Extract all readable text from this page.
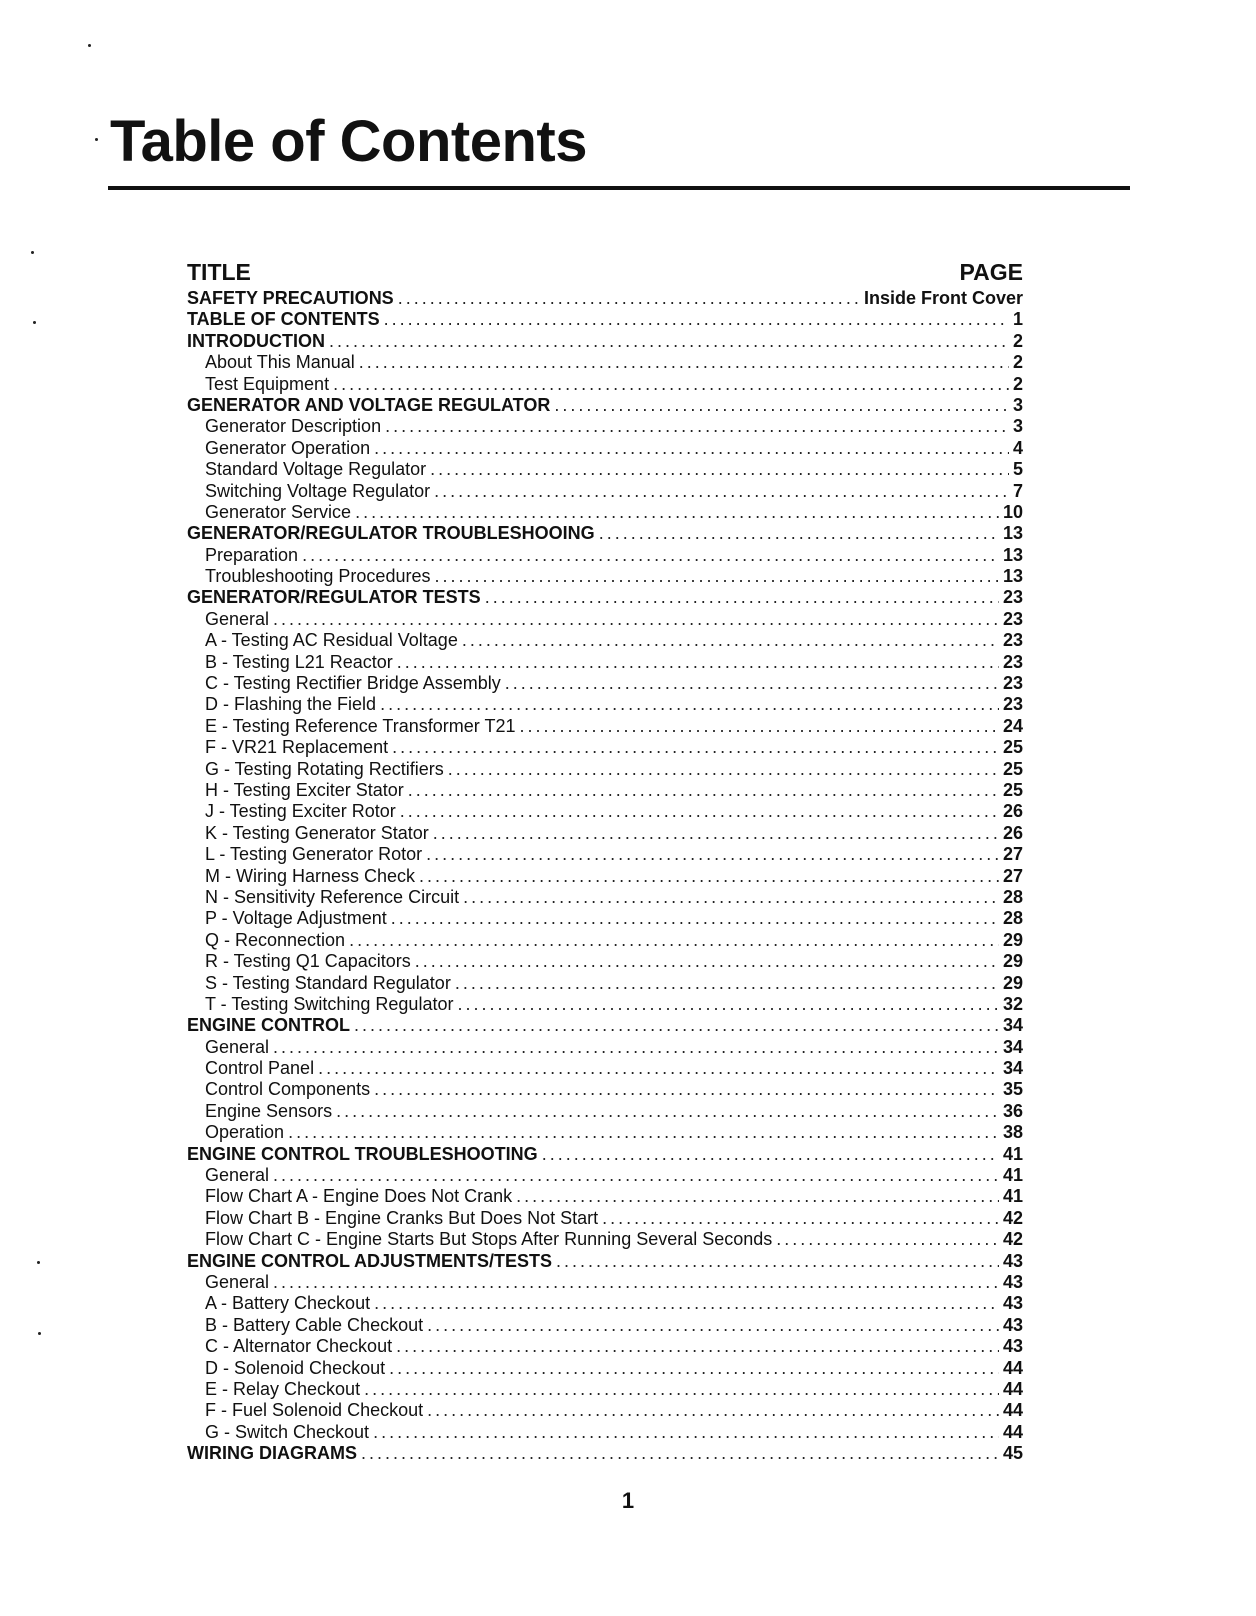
Table of Contents
TITLE	PAGE
SAFETY PRECAUTIONS . . .	Inside Front Cover
TABLE OF CONTENTS . . .	1
INTRODUCTION . . .	2
About This Manual . . .	2
Test Equipment . . .	2
GENERATOR AND VOLTAGE REGULATOR . . .	3
Generator Description . . .	3
Generator Operation . . .	4
Standard Voltage Regulator . . .	5
Switching Voltage Regulator . . .	7
Generator Service . . .	10
GENERATOR/REGULATOR TROUBLESHOOING . . .	13
Preparation . . .	13
Troubleshooting Procedures . . .	13
GENERATOR/REGULATOR TESTS . . .	23
General . . .	23
A - Testing AC Residual Voltage . . .	23
B - Testing L21 Reactor . . .	23
C - Testing Rectifier Bridge Assembly . . .	23
D - Flashing the Field . . .	23
E - Testing Reference Transformer T21 . . .	24
F - VR21 Replacement . . .	25
G - Testing Rotating Rectifiers . . .	25
H - Testing Exciter Stator . . .	25
J - Testing Exciter Rotor . . .	26
K - Testing Generator Stator . . .	26
L - Testing Generator Rotor . . .	27
M - Wiring Harness Check . . .	27
N - Sensitivity Reference Circuit . . .	28
P - Voltage Adjustment . . .	28
Q - Reconnection . . .	29
R - Testing Q1 Capacitors . . .	29
S - Testing Standard Regulator . . .	29
T - Testing Switching Regulator . . .	32
ENGINE CONTROL . . .	34
General . . .	34
Control Panel . . .	34
Control Components . . .	35
Engine Sensors . . .	36
Operation . . .	38
ENGINE CONTROL TROUBLESHOOTING . . .	41
General . . .	41
Flow Chart A - Engine Does Not Crank . . .	41
Flow Chart B - Engine Cranks But Does Not Start . . .	42
Flow Chart C - Engine Starts But Stops After Running Several Seconds . . .	42
ENGINE CONTROL ADJUSTMENTS/TESTS . . .	43
General . . .	43
A - Battery Checkout . . .	43
B - Battery Cable Checkout . . .	43
C - Alternator Checkout . . .	43
D - Solenoid Checkout . . .	44
E - Relay Checkout . . .	44
F - Fuel Solenoid Checkout . . .	44
G - Switch Checkout . . .	44
WIRING DIAGRAMS . . .	45
1
